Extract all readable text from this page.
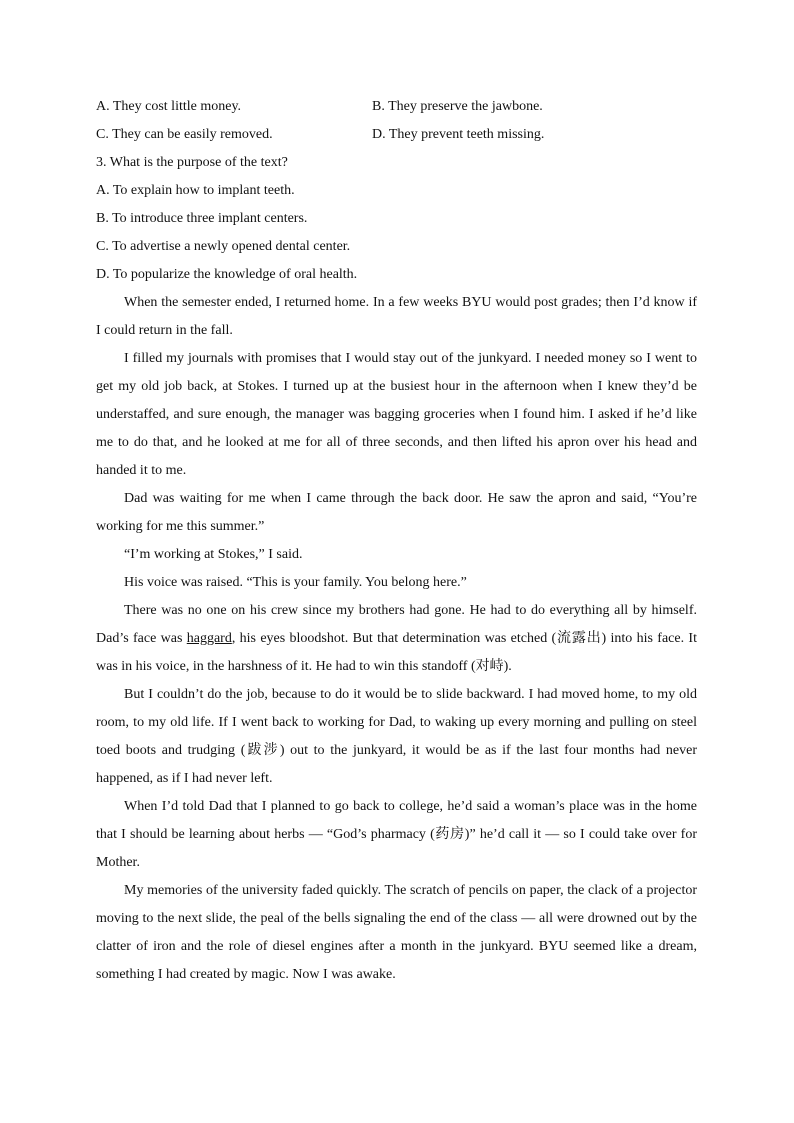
A. They cost little money.	B. They preserve the jawbone.
C. They can be easily removed.	D. They prevent teeth missing.
3. What is the purpose of the text?
A. To explain how to implant teeth.
B. To introduce three implant centers.
C. To advertise a newly opened dental center.
D. To popularize the knowledge of oral health.

When the semester ended, I returned home. In a few weeks BYU would post grades; then I’d know if I could return in the fall.

I filled my journals with promises that I would stay out of the junkyard. I needed money so I went to get my old job back, at Stokes. I turned up at the busiest hour in the afternoon when I knew they’d be understaffed, and sure enough, the manager was bagging groceries when I found him. I asked if he’d like me to do that, and he looked at me for all of three seconds, and then lifted his apron over his head and handed it to me.

Dad was waiting for me when I came through the back door. He saw the apron and said, “You’re working for me this summer.”

“I’m working at Stokes,” I said.

His voice was raised. “This is your family. You belong here.”

There was no one on his crew since my brothers had gone. He had to do everything all by himself. Dad’s face was haggard, his eyes bloodshot. But that determination was etched (流露出) into his face. It was in his voice, in the harshness of it. He had to win this standoff (对峙).

But I couldn’t do the job, because to do it would be to slide backward. I had moved home, to my old room, to my old life. If I went back to working for Dad, to waking up every morning and pulling on steel toed boots and trudging (跋涉) out to the junkyard, it would be as if the last four months had never happened, as if I had never left.

When I’d told Dad that I planned to go back to college, he’d said a woman’s place was in the home that I should be learning about herbs — “God’s pharmacy (药房)” he’d call it — so I could take over for Mother.

My memories of the university faded quickly. The scratch of pencils on paper, the clack of a projector moving to the next slide, the peal of the bells signaling the end of the class — all were drowned out by the clatter of iron and the role of diesel engines after a month in the junkyard. BYU seemed like a dream, something I had created by magic. Now I was awake.
